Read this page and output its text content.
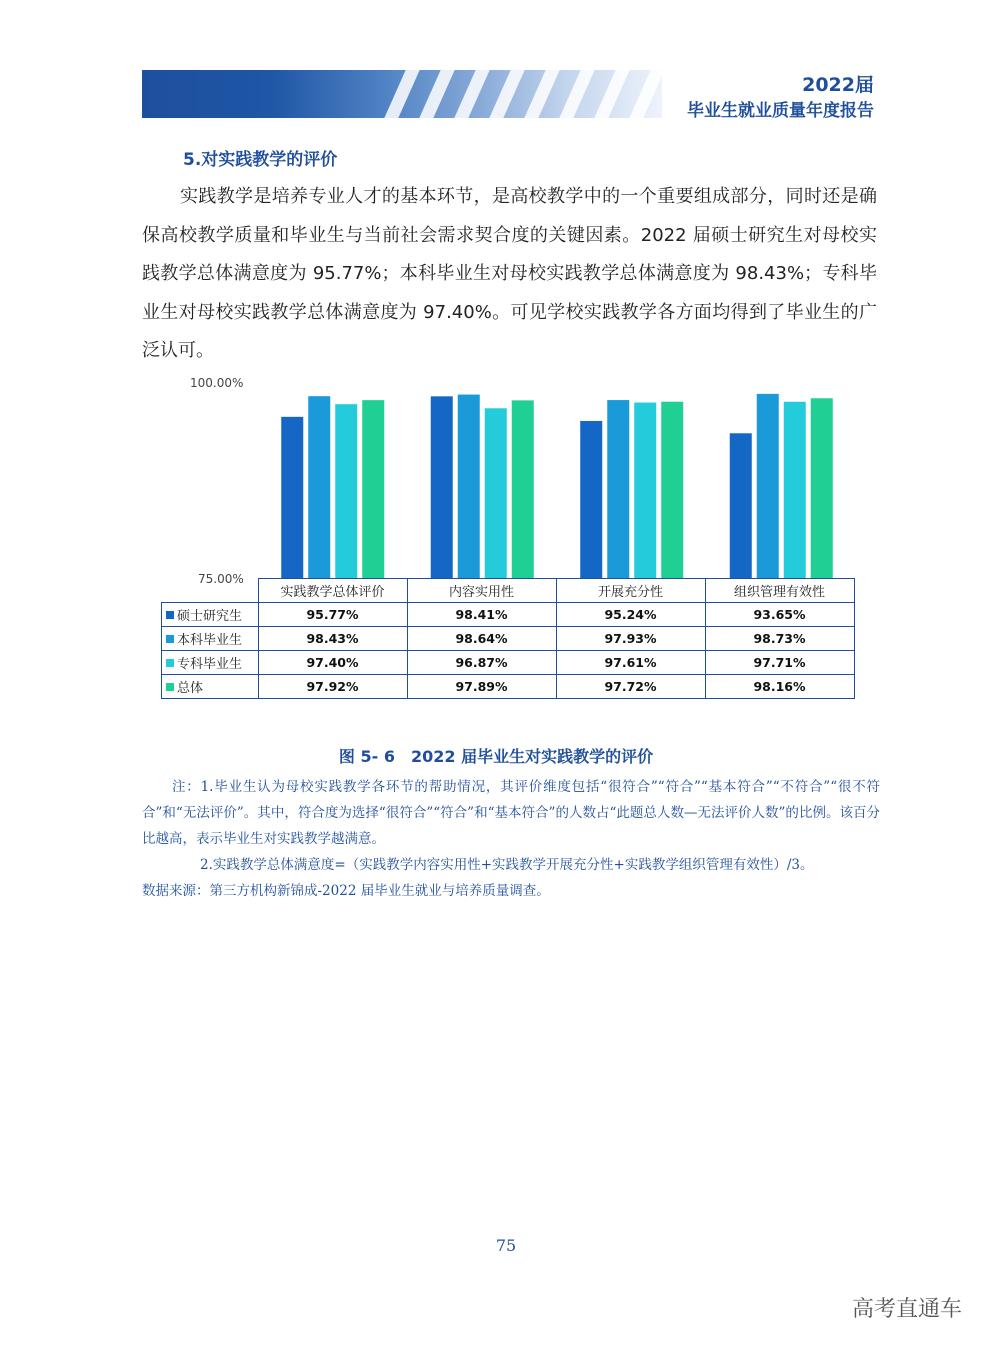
2022届
毕业生就业质量年度报告
5.对实践教学的评价
实践教学是培养专业人才的基本环节，是高校教学中的一个重要组成部分，同时还是确保高校教学质量和毕业生与当前社会需求契合度的关键因素。2022 届硕士研究生对母校实践教学总体满意度为 95.77%；本科毕业生对母校实践教学总体满意度为 98.43%；专科毕业生对母校实践教学总体满意度为 97.40%。可见学校实践教学各方面均得到了毕业生的广泛认可。
100.00%
75.00%
	实践教学总体评价	内容实用性	开展充分性	组织管理有效性
硕士研究生	95.77%	98.41%	95.24%	93.65%
本科毕业生	98.43%	98.64%	97.93%	98.73%
专科毕业生	97.40%	96.87%	97.61%	97.71%
总体	97.92%	97.89%	97.72%	98.16%
图 5- 6　2022 届毕业生对实践教学的评价
注：1.毕业生认为母校实践教学各环节的帮助情况，其评价维度包括“很符合”“符合”“基本符合”“不符合”“很不符合”和“无法评价”。其中，符合度为选择“很符合”“符合”和“基本符合”的人数占“此题总人数—无法评价人数”的比例。该百分比越高，表示毕业生对实践教学越满意。
2.实践教学总体满意度=（实践教学内容实用性+实践教学开展充分性+实践教学组织管理有效性）/3。
数据来源：第三方机构新锦成-2022 届毕业生就业与培养质量调查。
75
高考直通车
